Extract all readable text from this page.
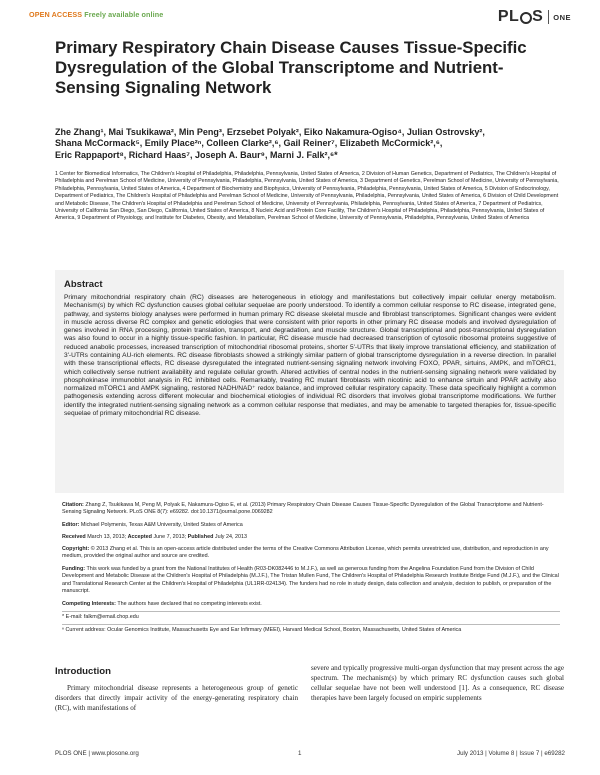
OPEN ACCESS Freely available online	PL S ONE
Primary Respiratory Chain Disease Causes Tissue-Specific Dysregulation of the Global Transcriptome and Nutrient-Sensing Signaling Network
Zhe Zhang¹, Mai Tsukikawa², Min Peng³, Erzsebet Polyak², Eiko Nakamura-Ogiso⁴, Julian Ostrovsky²,
Shana McCormack⁵, Emily Place²ⁿ, Colleen Clarke²,⁶, Gail Reiner⁷, Elizabeth McCormick²,⁶,
Eric Rappaport⁸, Richard Haas⁷, Joseph A. Baur⁹, Marni J. Falk²,⁶*
1 Center for Biomedical Informatics, The Children's Hospital of Philadelphia, Philadelphia, Pennsylvania, United States of America, 2 Division of Human Genetics, Department of Pediatrics, The Children's Hospital of Philadelphia and Perelman School of Medicine, University of Pennsylvania, Philadelphia, Pennsylvania, United States of America, 3 Department of Genetics, Perelman School of Medicine, University of Pennsylvania, Philadelphia, Pennsylvania, United States of America, 4 Department of Biochemistry and Biophysics, University of Pennsylvania, Philadelphia, Pennsylvania, United States of America, 5 Division of Endocrinology, Department of Pediatrics, The Children's Hospital of Philadelphia and Perelman School of Medicine, University of Pennsylvania, Philadelphia, Pennsylvania, United States of America, 6 Division of Child Development and Metabolic Disease, The Children's Hospital of Philadelphia and Perelman School of Medicine, University of Pennsylvania, Philadelphia, Pennsylvania, United States of America, 7 Department of Pediatrics, University of California San Diego, San Diego, California, United States of America, 8 Nucleic Acid and Protein Core Facility, The Children's Hospital of Philadelphia, Philadelphia, Pennsylvania, United States of America, 9 Department of Physiology, and Institute for Diabetes, Obesity, and Metabolism, Perelman School of Medicine, University of Pennsylvania, Philadelphia, Pennsylvania, United States of America
Abstract
Primary mitochondrial respiratory chain (RC) diseases are heterogeneous in etiology and manifestations but collectively impair cellular energy metabolism. Mechanism(s) by which RC dysfunction causes global cellular sequelae are poorly understood. To identify a common cellular response to RC disease, integrated gene, pathway, and systems biology analyses were performed in human primary RC disease skeletal muscle and fibroblast transcriptomes. Significant changes were evident in muscle across diverse RC complex and genetic etiologies that were consistent with prior reports in other primary RC disease models and involved dysregulation of genes involved in RNA processing, protein translation, transport, and degradation, and muscle structure. Global transcriptional and post-transcriptional dysregulation was also found to occur in a highly tissue-specific fashion. In particular, RC disease muscle had decreased transcription of cytosolic ribosomal proteins suggestive of reduced anabolic processes, increased transcription of mitochondrial ribosomal proteins, shorter 5'-UTRs that likely improve translational efficiency, and stabilization of 3'-UTRs containing AU-rich elements. RC disease fibroblasts showed a strikingly similar pattern of global transcriptome dysregulation in a reverse direction. In parallel with these transcriptional effects, RC disease dysregulated the integrated nutrient-sensing signaling network involving FOXO, PPAR, sirtuins, AMPK, and mTORC1, which collectively sense nutrient availability and regulate cellular growth. Altered activities of central nodes in the nutrient-sensing signaling network were validated by phosphokinase immunoblot analysis in RC inhibited cells. Remarkably, treating RC mutant fibroblasts with nicotinic acid to enhance sirtuin and PPAR activity also normalized mTORC1 and AMPK signaling, restored NADH/NAD⁺ redox balance, and improved cellular respiratory capacity. These data specifically highlight a common pathogenesis extending across different molecular and biochemical etiologies of individual RC disorders that involves global transcriptome modifications. We further identify the integrated nutrient-sensing signaling network as a common cellular response that mediates, and may be amenable to targeted therapies for, tissue-specific sequelae of primary mitochondrial RC disease.
Citation: Zhang Z, Tsukikawa M, Peng M, Polyak E, Nakamura-Ogiso E, et al. (2013) Primary Respiratory Chain Disease Causes Tissue-Specific Dysregulation of the Global Transcriptome and Nutrient-Sensing Signaling Network. PLoS ONE 8(7): e69282. doi:10.1371/journal.pone.0069282
Editor: Michael Polymenis, Texas A&M University, United States of America
Received March 13, 2013; Accepted June 7, 2013; Published July 24, 2013
Copyright: © 2013 Zhang et al. This is an open-access article distributed under the terms of the Creative Commons Attribution License, which permits unrestricted use, distribution, and reproduction in any medium, provided the original author and source are credited.
Funding: This work was funded by a grant from the National Institutes of Health (R03-DK082446 to M.J.F.), as well as generous funding from the Angelina Foundation Fund from the Division of Child Development and Metabolic Disease at the Children's Hospital of Philadelphia (M.J.F.), The Tristan Mullen Fund, The Children's Hospital of Philadelphia Research Institute Bridge Fund (M.J.F.), and the Clinical and Translational Research Center at the Children's Hospital of Philadelphia (UL1RR-024134). The funders had no role in study design, data collection and analysis, decision to publish, or preparation of the manuscript.
Competing Interests: The authors have declared that no competing interests exist.
* E-mail: falkm@email.chop.edu
ⁿ Current address: Ocular Genomics Institute, Massachusetts Eye and Ear Infirmary (MEEI), Harvard Medical School, Boston, Massachusetts, United States of America
Introduction
Primary mitochondrial disease represents a heterogeneous group of genetic disorders that directly impair activity of the energy-generating respiratory chain (RC), with manifestations of
severe and typically progressive multi-organ dysfunction that may present across the age spectrum. The mechanism(s) by which primary RC dysfunction causes such global cellular sequelae have not been well understood [1]. As a consequence, RC disease therapies have been largely focused on empiric supplements
PLOS ONE | www.plosone.org	1	July 2013 | Volume 8 | Issue 7 | e69282
